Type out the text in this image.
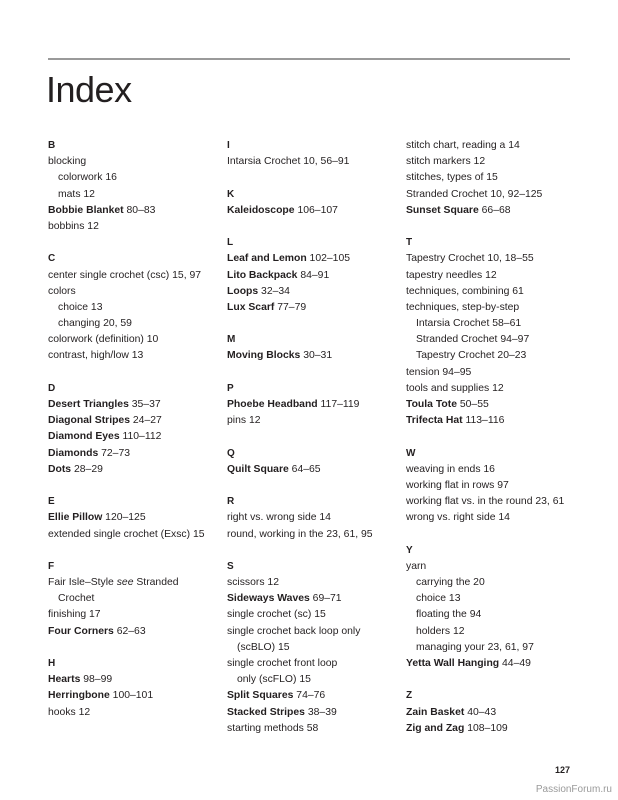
Index
B
blocking
colorwork 16
mats 12
Bobbie Blanket 80–83
bobbins 12
C
center single crochet (csc) 15, 97
colors
choice 13
changing 20, 59
colorwork (definition) 10
contrast, high/low 13
D
Desert Triangles 35–37
Diagonal Stripes 24–27
Diamond Eyes 110–112
Diamonds 72–73
Dots 28–29
E
Ellie Pillow 120–125
extended single crochet (Exsc) 15
F
Fair Isle–Style see Stranded
Crochet
finishing 17
Four Corners 62–63
H
Hearts 98–99
Herringbone 100–101
hooks 12
I
Intarsia Crochet 10, 56–91
K
Kaleidoscope 106–107
L
Leaf and Lemon 102–105
Lito Backpack 84–91
Loops 32–34
Lux Scarf 77–79
M
Moving Blocks 30–31
P
Phoebe Headband 117–119
pins 12
Q
Quilt Square 64–65
R
right vs. wrong side 14
round, working in the 23, 61, 95
S
scissors 12
Sideways Waves 69–71
single crochet (sc) 15
single crochet back loop only
(scBLO) 15
single crochet front loop
only (scFLO) 15
Split Squares 74–76
Stacked Stripes 38–39
starting methods 58
stitch chart, reading a 14
stitch markers 12
stitches, types of 15
Stranded Crochet 10, 92–125
Sunset Square 66–68
T
Tapestry Crochet 10, 18–55
tapestry needles 12
techniques, combining 61
techniques, step-by-step
Intarsia Crochet 58–61
Stranded Crochet 94–97
Tapestry Crochet 20–23
tension 94–95
tools and supplies 12
Toula Tote 50–55
Trifecta Hat 113–116
W
weaving in ends 16
working flat in rows 97
working flat vs. in the round 23, 61
wrong vs. right side 14
Y
yarn
carrying the 20
choice 13
floating the 94
holders 12
managing your 23, 61, 97
Yetta Wall Hanging 44–49
Z
Zain Basket 40–43
Zig and Zag 108–109
127
PassionForum.ru
